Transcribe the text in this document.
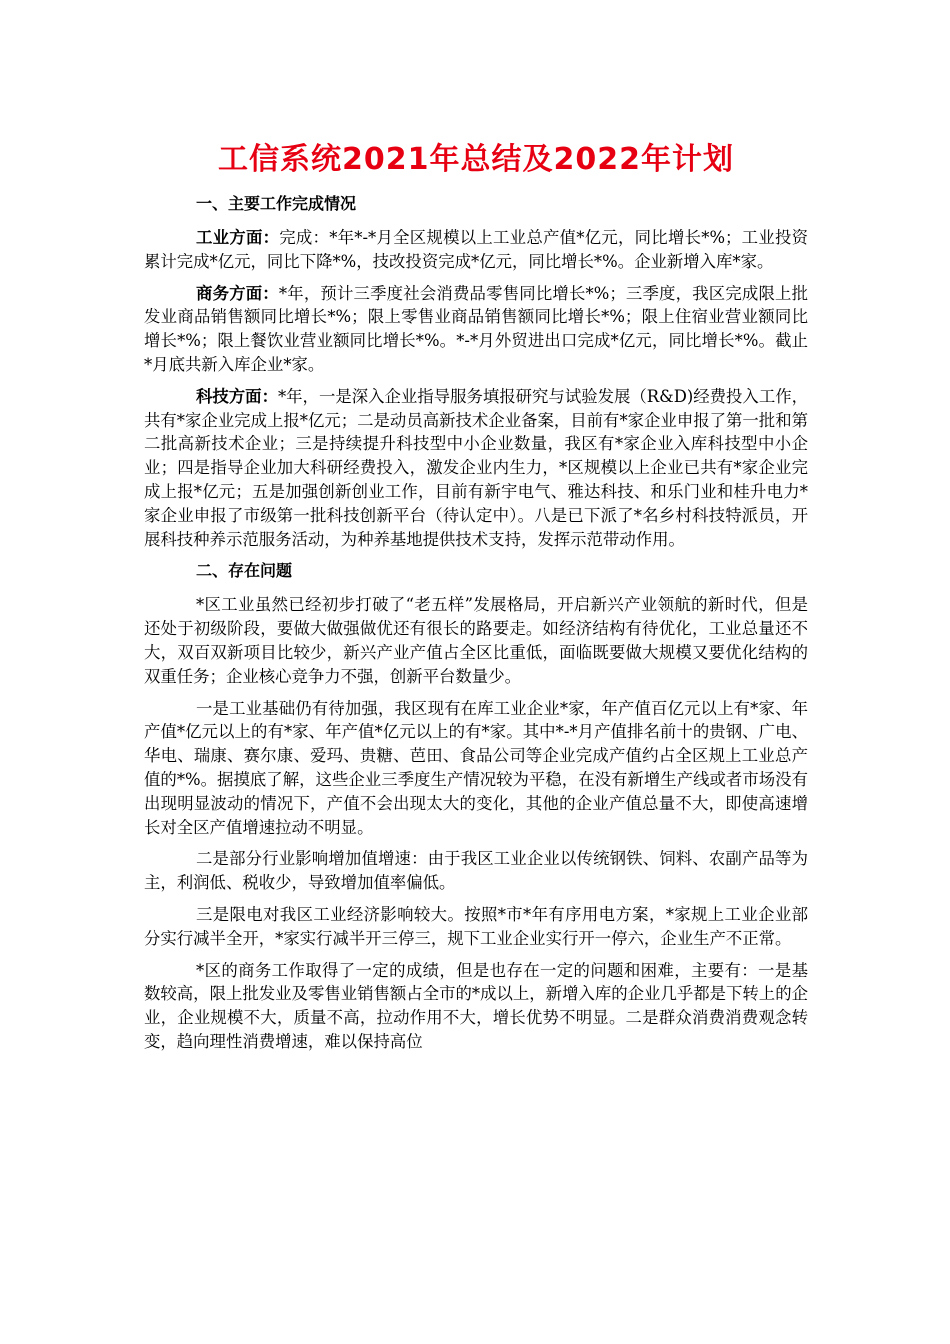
工信系统2021年总结及2022年计划
一、主要工作完成情况

工业方面：完成：*年*-*月全区规模以上工业总产值*亿元，同比增长*%；工业投资累计完成*亿元，同比下降*%，技改投资完成*亿元，同比增长*%。企业新增入库*家。

商务方面：*年，预计三季度社会消费品零售同比增长*%；三季度，我区完成限上批发业商品销售额同比增长*%；限上零售业商品销售额同比增长*%；限上住宿业营业额同比增长*%；限上餐饮业营业额同比增长*%。*-*月外贸进出口完成*亿元，同比增长*%。截止*月底共新入库企业*家。

科技方面：*年，一是深入企业指导服务填报研究与试验发展（R&D)经费投入工作，共有*家企业完成上报*亿元；二是动员高新技术企业备案，目前有*家企业申报了第一批和第二批高新技术企业；三是持续提升科技型中小企业数量，我区有*家企业入库科技型中小企业；四是指导企业加大科研经费投入，激发企业内生力，*区规模以上企业已共有*家企业完成上报*亿元；五是加强创新创业工作，目前有新宇电气、雅达科技、和乐门业和桂升电力*家企业申报了市级第一批科技创新平台（待认定中）。八是已下派了*名乡村科技特派员，开展科技种养示范服务活动，为种养基地提供技术支持，发挥示范带动作用。

二、存在问题

*区工业虽然已经初步打破了“老五样”发展格局，开启新兴产业领航的新时代，但是还处于初级阶段，要做大做强做优还有很长的路要走。如经济结构有待优化，工业总量还不大，双百双新项目比较少，新兴产业产值占全区比重低，面临既要做大规模又要优化结构的双重任务；企业核心竞争力不强，创新平台数量少。

一是工业基础仍有待加强，我区现有在库工业企业*家，年产值百亿元以上有*家、年产值*亿元以上的有*家、年产值*亿元以上的有*家。其中*-*月产值排名前十的贵钢、广电、华电、瑞康、赛尔康、爱玛、贵糖、芭田、食品公司等企业完成产值约占全区规上工业总产值的*%。据摸底了解，这些企业三季度生产情况较为平稳，在没有新增生产线或者市场没有出现明显波动的情况下，产值不会出现太大的变化，其他的企业产值总量不大，即使高速增长对全区产值增速拉动不明显。

二是部分行业影响增加值增速：由于我区工业企业以传统钢铁、饲料、农副产品等为主，利润低、税收少，导致增加值率偏低。

三是限电对我区工业经济影响较大。按照*市*年有序用电方案，*家规上工业企业部分实行减半全开，*家实行减半开三停三，规下工业企业实行开一停六，企业生产不正常。

*区的商务工作取得了一定的成绩，但是也存在一定的问题和困难，主要有：一是基数较高，限上批发业及零售业销售额占全市的*成以上，新增入库的企业几乎都是下转上的企业，企业规模不大，质量不高，拉动作用不大，增长优势不明显。二是群众消费消费观念转变，趋向理性消费增速，难以保持高位
